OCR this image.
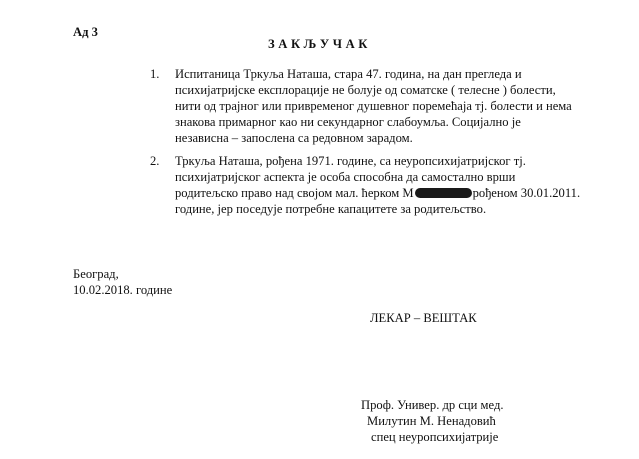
Ад 3
ЗАКЉУЧАК
1. Испитаница Тркуља Наташа, стара 47. година, на дан прегледа и
психијатријске експлорације не болује од соматске ( телесне ) болести,
нити од трајног или привременог душевног поремећаја тј. болести и нема
знакова примарног као ни секундарног слабоумља. Социјално је
независна – запослена са редовном зарадом.
2. Тркуља Наташа, рођена 1971. године, са неуропсихијатријског тј.
психијатријског аспекта је особа способна да самостално врши
родитељско право над својом мал. ћерком М	рођеном 30.01.2011.
године, јер поседује потребне капацитете за родитељство.
Београд,
10.02.2018. године
ЛЕКАР – ВЕШТАК
Проф. Универ. др сци мед.
Милутин М. Ненадовић
спец неуропсихијатрије
